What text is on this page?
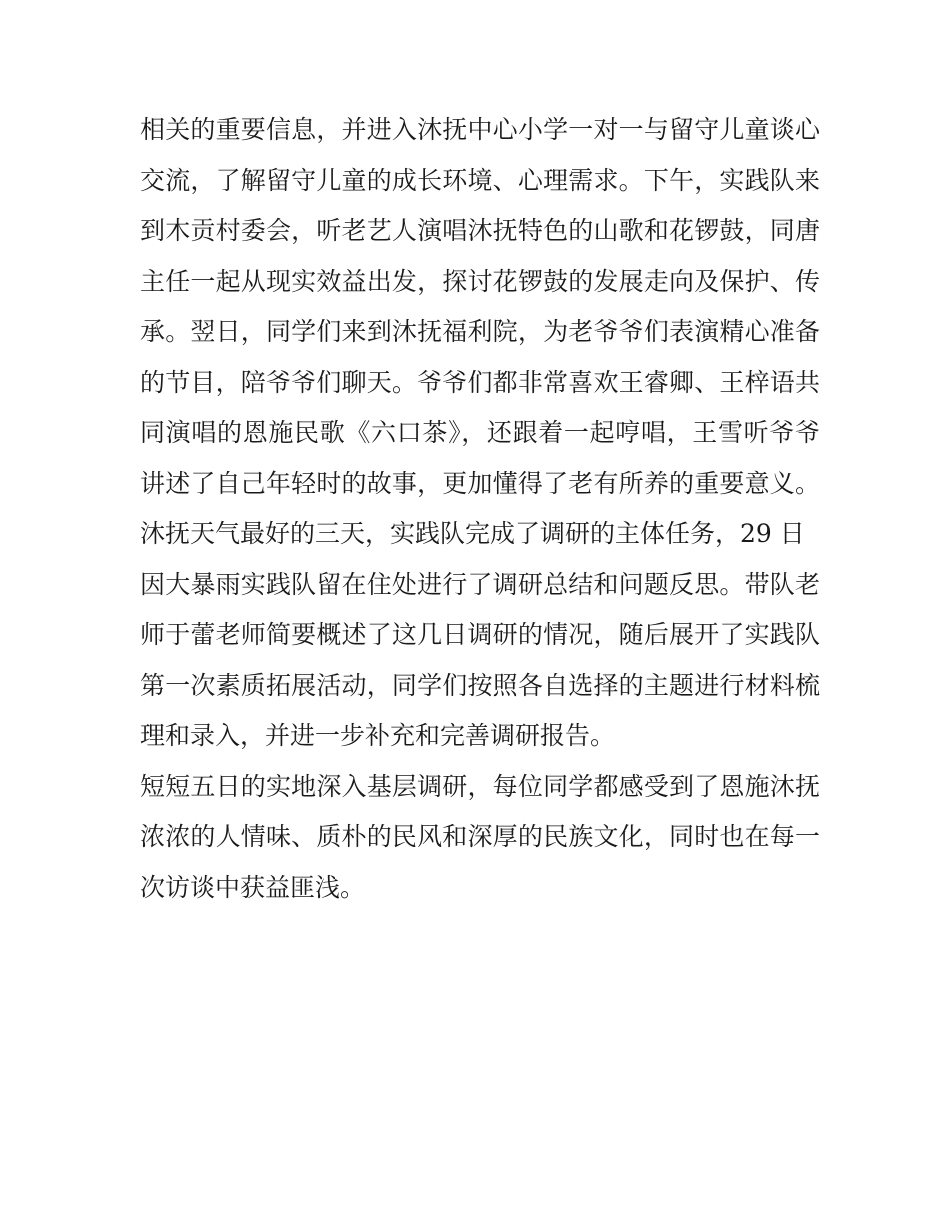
相关的重要信息，并进入沐抚中心小学一对一与留守儿童谈心
交流，了解留守儿童的成长环境、心理需求。下午，实践队来
到木贡村委会，听老艺人演唱沐抚特色的山歌和花锣鼓，同唐
主任一起从现实效益出发，探讨花锣鼓的发展走向及保护、传
承。翌日，同学们来到沐抚福利院，为老爷爷们表演精心准备
的节目，陪爷爷们聊天。爷爷们都非常喜欢王睿卿、王梓语共
同演唱的恩施民歌《六口茶》，还跟着一起哼唱，王雪听爷爷
讲述了自己年轻时的故事，更加懂得了老有所养的重要意义。
沐抚天气最好的三天，实践队完成了调研的主体任务，29 日
因大暴雨实践队留在住处进行了调研总结和问题反思。带队老
师于蕾老师简要概述了这几日调研的情况，随后展开了实践队
第一次素质拓展活动，同学们按照各自选择的主题进行材料梳
理和录入，并进一步补充和完善调研报告。
短短五日的实地深入基层调研，每位同学都感受到了恩施沐抚
浓浓的人情味、质朴的民风和深厚的民族文化，同时也在每一
次访谈中获益匪浅。
